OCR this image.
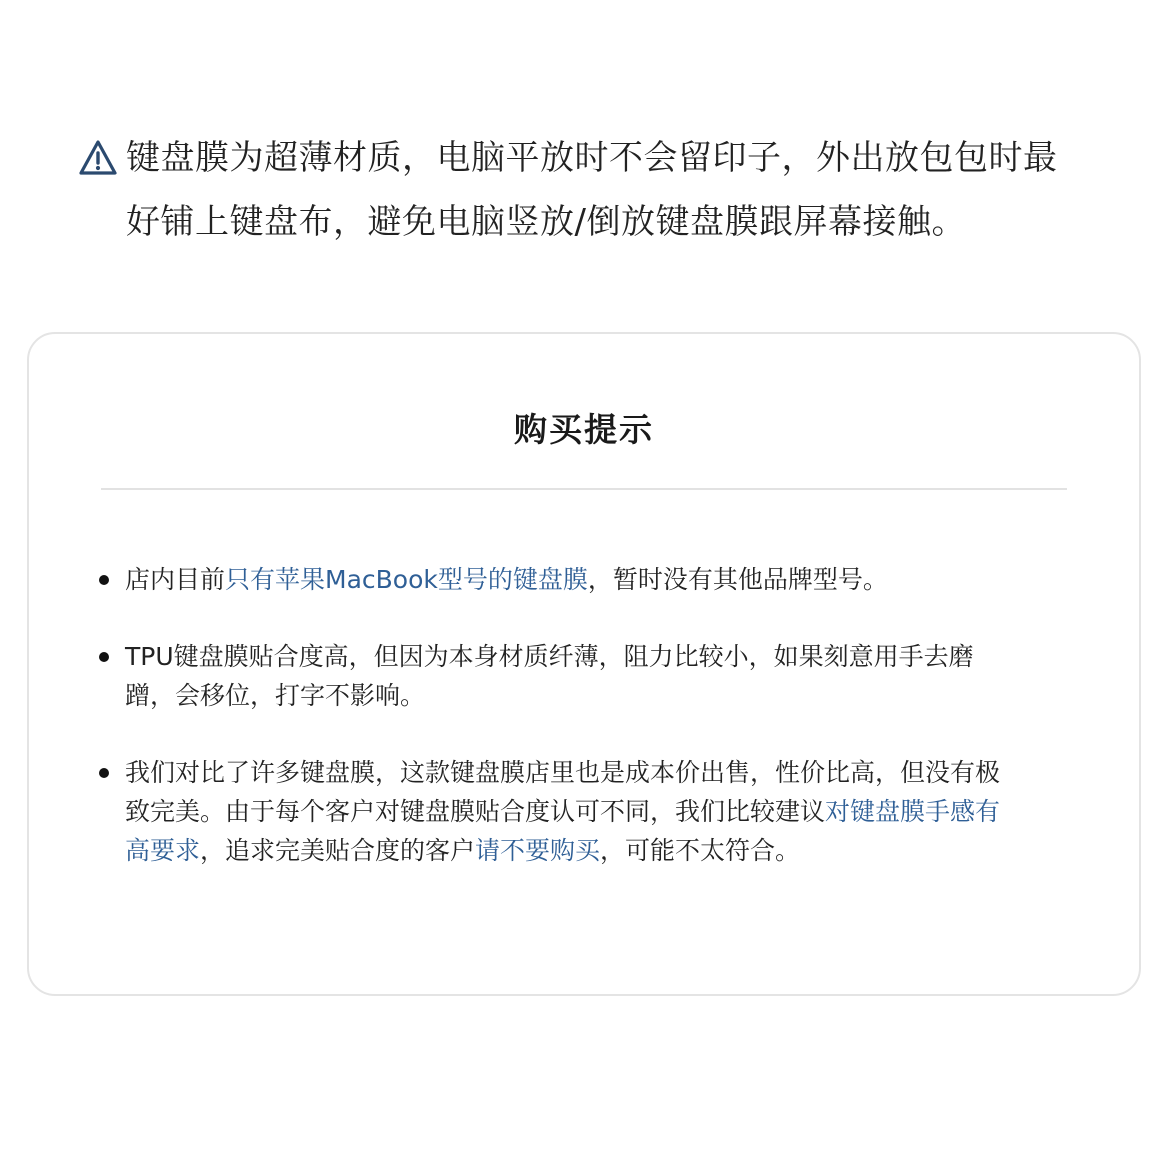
键盘膜为超薄材质，电脑平放时不会留印子，外出放包包时最好铺上键盘布，避免电脑竖放/倒放键盘膜跟屏幕接触。
购买提示
店内目前只有苹果MacBook型号的键盘膜，暂时没有其他品牌型号。
TPU键盘膜贴合度高，但因为本身材质纤薄，阻力比较小，如果刻意用手去磨蹭，会移位，打字不影响。
我们对比了许多键盘膜，这款键盘膜店里也是成本价出售，性价比高，但没有极致完美。由于每个客户对键盘膜贴合度认可不同，我们比较建议对键盘膜手感有高要求，追求完美贴合度的客户请不要购买，可能不太符合。
